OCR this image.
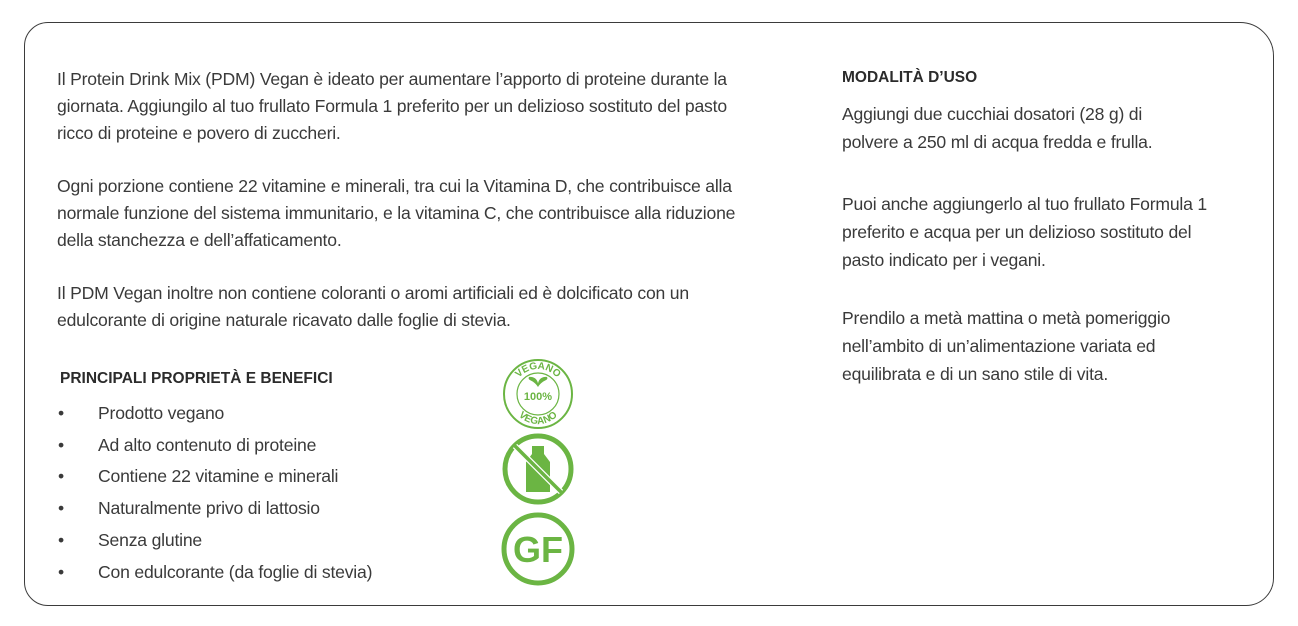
Il Protein Drink Mix (PDM) Vegan è ideato per aumentare l’apporto di proteine durante la giornata. Aggiungilo al tuo frullato Formula 1 preferito per un delizioso sostituto del pasto ricco di proteine e povero di zuccheri.

Ogni porzione contiene 22 vitamine e minerali, tra cui la Vitamina D, che contribuisce alla normale funzione del sistema immunitario, e la vitamina C, che contribuisce alla riduzione della stanchezza e dell’affaticamento.

Il PDM Vegan inoltre non contiene coloranti o aromi artificiali ed è dolcificato con un edulcorante di origine naturale ricavato dalle foglie di stevia.

PRINCIPALI PROPRIETÀ E BENEFICI
• Prodotto vegano
• Ad alto contenuto di proteine
• Contiene 22 vitamine e minerali
• Naturalmente privo di lattosio
• Senza glutine
• Con edulcorante (da foglie di stevia)
VEGANO
VEGANO
100%
GF
MODALITÀ D’USO

Aggiungi due cucchiai dosatori (28 g) di polvere a 250 ml di acqua fredda e frulla.

Puoi anche aggiungerlo al tuo frullato Formula 1 preferito e acqua per un delizioso sostituto del pasto indicato per i vegani.

Prendilo a metà mattina o metà pomeriggio nell’ambito di un’alimentazione variata ed equilibrata e di un sano stile di vita.
